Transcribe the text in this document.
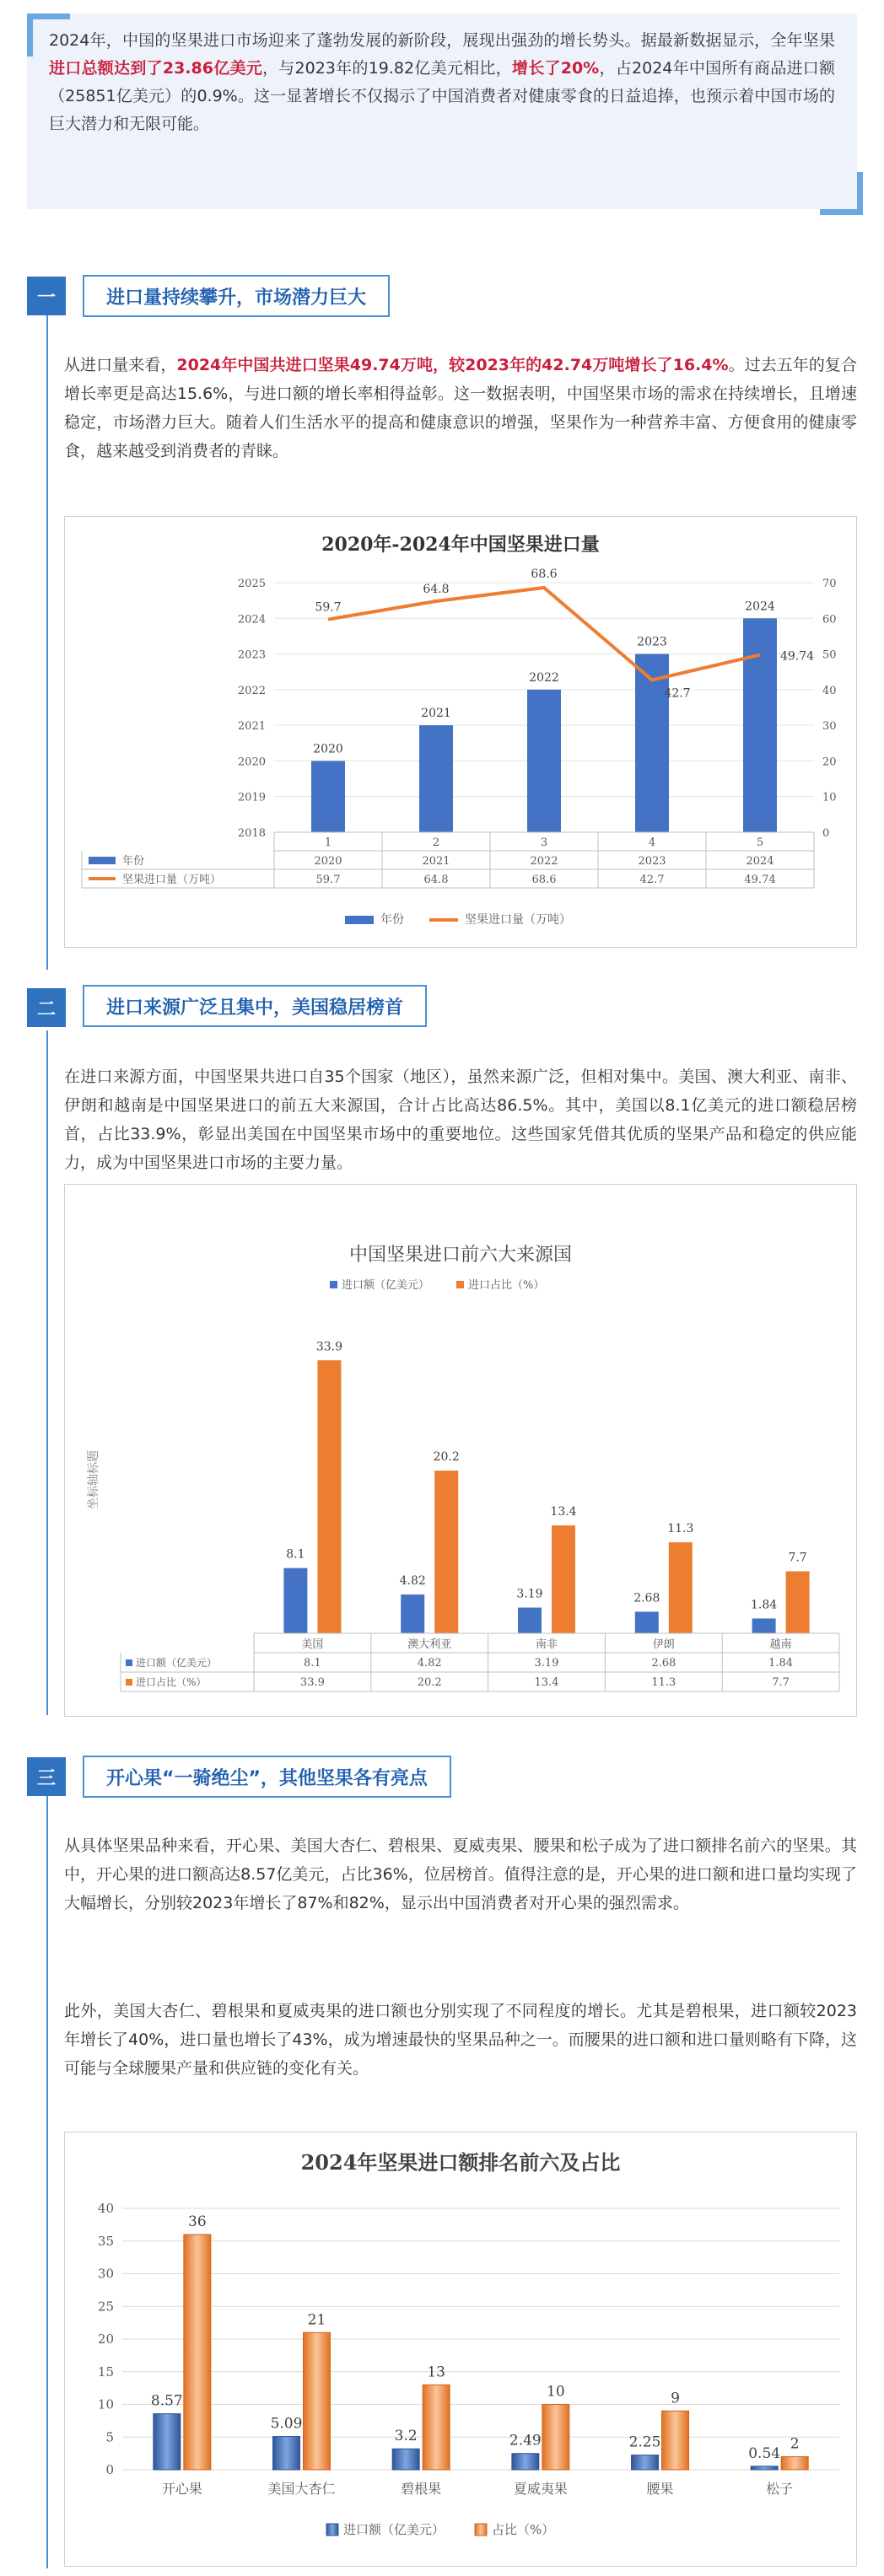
2024年，中国的坚果进口市场迎来了蓬勃发展的新阶段，展现出强劲的增长势头。据最新数据显示，全年坚果进口总额达到了23.86亿美元，与2023年的19.82亿美元相比，增长了20%，占2024年中国所有商品进口额（25851亿美元）的0.9%。这一显著增长不仅揭示了中国消费者对健康零食的日益追捧，也预示着中国市场的巨大潜力和无限可能。

一	进口量持续攀升，市场潜力巨大

从进口量来看，2024年中国共进口坚果49.74万吨，较2023年的42.74万吨增长了16.4%。过去五年的复合增长率更是高达15.6%，与进口额的增长率相得益彰。这一数据表明，中国坚果市场的需求在持续增长，且增速稳定，市场潜力巨大。随着人们生活水平的提高和健康意识的增强，坚果作为一种营养丰富、方便食用的健康零食，越来越受到消费者的青睐。

2020年-2024年中国坚果进口量
2018
2019
2020
2021
2022
2023
2024
2025
0
10
20
30
40
50
60
70
2020
2021
2022
2023
2024
59.7
64.8
68.6
42.7
49.74
1	2	3	4	5
年份	2020	2021	2022	2023	2024
坚果进口量（万吨）	59.7	64.8	68.6	42.7	49.74
年份	坚果进口量（万吨）
二	进口来源广泛且集中，美国稳居榜首

在进口来源方面，中国坚果共进口自35个国家（地区），虽然来源广泛，但相对集中。美国、澳大利亚、南非、伊朗和越南是中国坚果进口的前五大来源国，合计占比高达86.5%。其中，美国以8.1亿美元的进口额稳居榜首，占比33.9%，彰显出美国在中国坚果市场中的重要地位。这些国家凭借其优质的坚果产品和稳定的供应能力，成为中国坚果进口市场的主要力量。

中国坚果进口前六大来源国
进口额（亿美元）	进口占比（%）
坐标轴标题
8.1
33.9
4.82
20.2
3.19
13.4
2.68
11.3
1.84
7.7
美国	澳大利亚	南非	伊朗	越南
进口额（亿美元）	8.1	4.82	3.19	2.68	1.84
进口占比（%）	33.9	20.2	13.4	11.3	7.7
三	开心果“一骑绝尘”，其他坚果各有亮点

从具体坚果品种来看，开心果、美国大杏仁、碧根果、夏威夷果、腰果和松子成为了进口额排名前六的坚果。其中，开心果的进口额高达8.57亿美元，占比36%，位居榜首。值得注意的是，开心果的进口额和进口量均实现了大幅增长，分别较2023年增长了87%和82%，显示出中国消费者对开心果的强烈需求。

此外，美国大杏仁、碧根果和夏威夷果的进口额也分别实现了不同程度的增长。尤其是碧根果，进口额较2023年增长了40%，进口量也增长了43%，成为增速最快的坚果品种之一。而腰果的进口额和进口量则略有下降，这可能与全球腰果产量和供应链的变化有关。

2024年坚果进口额排名前六及占比
0
5
10
15
20
25
30
35
40
8.57
36
开心果
5.09
21
美国大杏仁
3.2
13
碧根果
2.49
10
夏威夷果
2.25
9
腰果
0.54
2
松子
进口额（亿美元）	占比（%）
